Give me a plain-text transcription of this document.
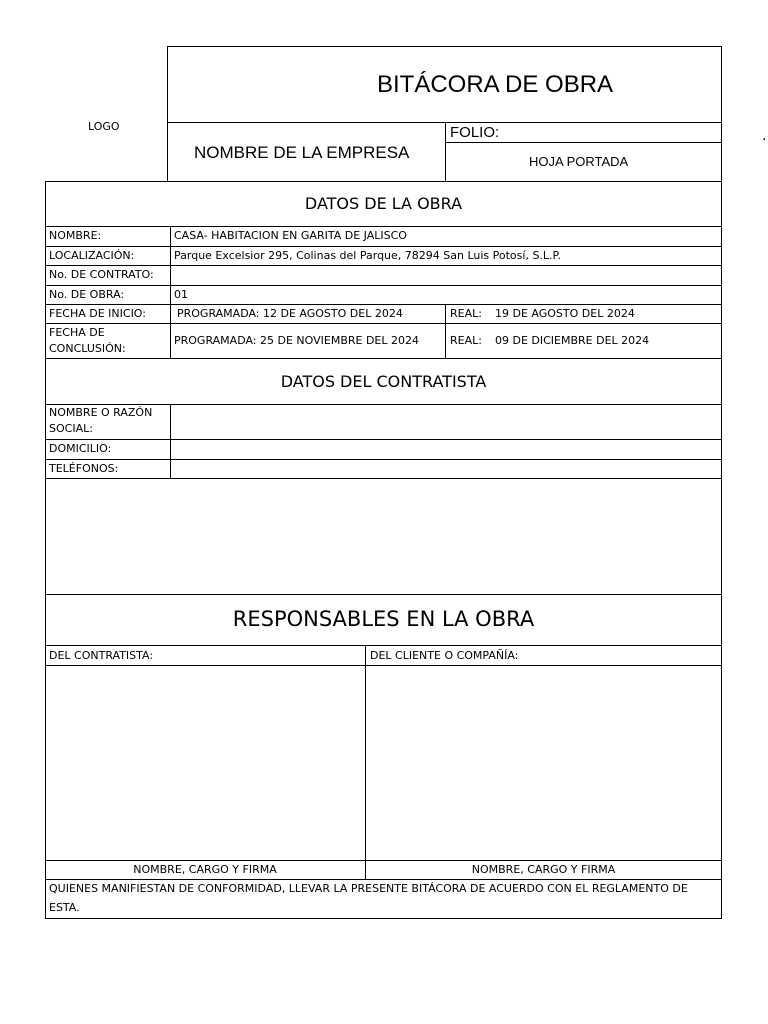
LOGO
BITÁCORA DE OBRA
NOMBRE DE LA EMPRESA
FOLIO:
HOJA PORTADA
.
DATOS DE LA OBRA
NOMBRE:	CASA- HABITACION EN GARITA DE JALISCO
LOCALIZACIÓN:	Parque Excelsior 295, Colinas del Parque, 78294 San Luis Potosí, S.L.P.
No. DE CONTRATO:
No. DE OBRA:	01
FECHA DE INICIO:	PROGRAMADA: 12 DE AGOSTO DEL 2024	REAL: 19 DE AGOSTO DEL 2024
FECHA DE
CONCLUSIÓN:
PROGRAMADA: 25 DE NOVIEMBRE DEL 2024	REAL: 09 DE DICIEMBRE DEL 2024
DATOS DEL CONTRATISTA
NOMBRE O RAZÓN
SOCIAL:
DOMICILIO:
TELÉFONOS:
RESPONSABLES EN LA OBRA
DEL CONTRATISTA:	DEL CLIENTE O COMPAÑÍA:
NOMBRE, CARGO Y FIRMA	NOMBRE, CARGO Y FIRMA
QUIENES MANIFIESTAN DE CONFORMIDAD, LLEVAR LA PRESENTE BITÁCORA DE ACUERDO CON EL REGLAMENTO DE
ESTA.
